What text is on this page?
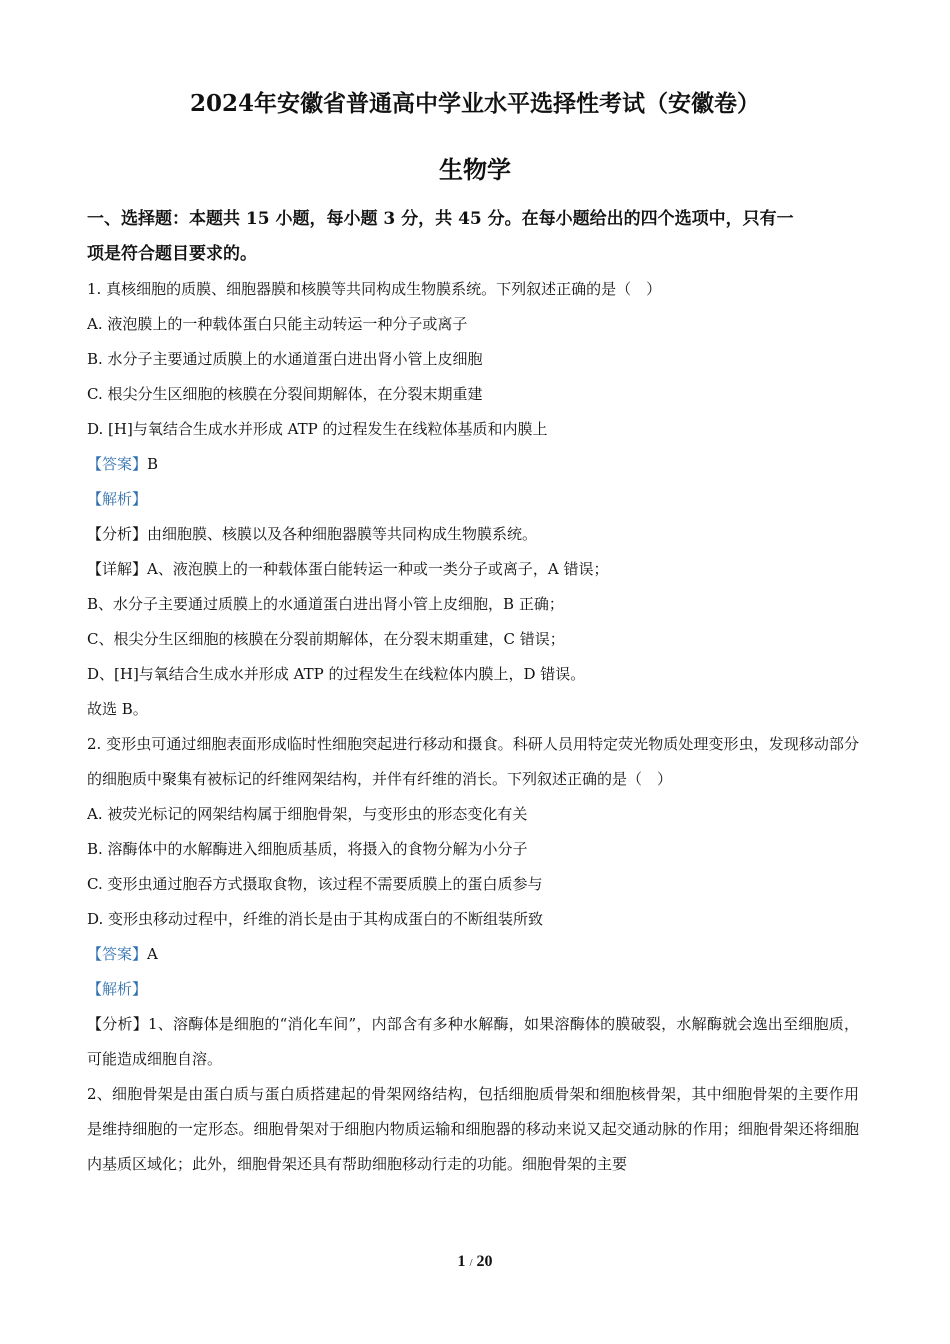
2024年安徽省普通高中学业水平选择性考试（安徽卷）
生物学

一、选择题：本题共 15 小题，每小题 3 分，共 45 分。在每小题给出的四个选项中，只有一

项是符合题目要求的。

1. 真核细胞的质膜、细胞器膜和核膜等共同构成生物膜系统。下列叙述正确的是（　）

A. 液泡膜上的一种载体蛋白只能主动转运一种分子或离子

B. 水分子主要通过质膜上的水通道蛋白进出肾小管上皮细胞

C. 根尖分生区细胞的核膜在分裂间期解体，在分裂末期重建

D. [H]与氧结合生成水并形成 ATP 的过程发生在线粒体基质和内膜上

【答案】B

【解析】

【分析】由细胞膜、核膜以及各种细胞器膜等共同构成生物膜系统。

【详解】A、液泡膜上的一种载体蛋白能转运一种或一类分子或离子，A 错误；

B、水分子主要通过质膜上的水通道蛋白进出肾小管上皮细胞，B 正确；

C、根尖分生区细胞的核膜在分裂前期解体，在分裂末期重建，C 错误；

D、[H]与氧结合生成水并形成 ATP 的过程发生在线粒体内膜上，D 错误。

故选 B。

2. 变形虫可通过细胞表面形成临时性细胞突起进行移动和摄食。科研人员用特定荧光物质处理变形虫，发现移动部分的细胞质中聚集有被标记的纤维网架结构，并伴有纤维的消长。下列叙述正确的是（　）

A. 被荧光标记的网架结构属于细胞骨架，与变形虫的形态变化有关

B. 溶酶体中的水解酶进入细胞质基质，将摄入的食物分解为小分子

C. 变形虫通过胞吞方式摄取食物，该过程不需要质膜上的蛋白质参与

D. 变形虫移动过程中，纤维的消长是由于其构成蛋白的不断组装所致

【答案】A

【解析】

【分析】1、溶酶体是细胞的“消化车间”，内部含有多种水解酶，如果溶酶体的膜破裂，水解酶就会逸出至细胞质，可能造成细胞自溶。

2、细胞骨架是由蛋白质与蛋白质搭建起的骨架网络结构，包括细胞质骨架和细胞核骨架，其中细胞骨架的主要作用是维持细胞的一定形态。细胞骨架对于细胞内物质运输和细胞器的移动来说又起交通动脉的作用；细胞骨架还将细胞内基质区域化；此外，细胞骨架还具有帮助细胞移动行走的功能。细胞骨架的主要

1 / 20
